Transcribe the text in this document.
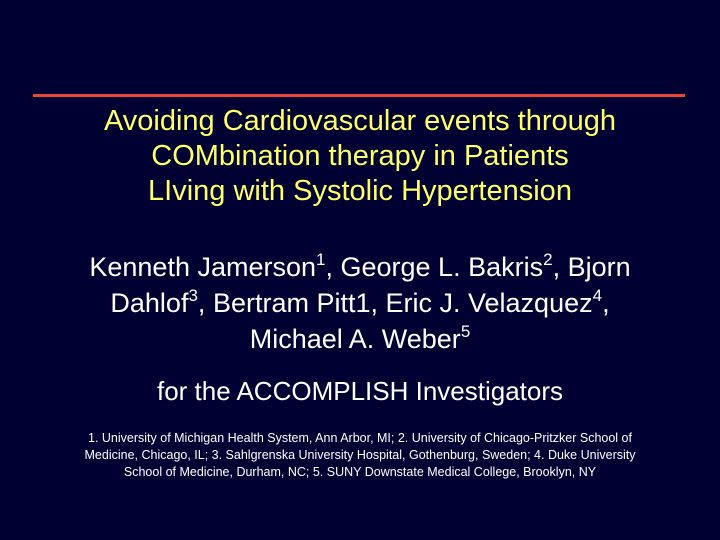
Avoiding Cardiovascular events through
COMbination therapy in Patients
LIving with Systolic Hypertension
Kenneth Jamerson$^1$, George L. Bakris$^2$, Bjorn
Dahlof$^3$, Bertram Pitt1, Eric J. Velazquez$^4$,
Michael A. Weber$^5$
for the ACCOMPLISH Investigators
1. University of Michigan Health System, Ann Arbor, MI; 2. University of Chicago-Pritzker School of
Medicine, Chicago, IL; 3. Sahlgrenska University Hospital, Gothenburg, Sweden; 4. Duke University
School of Medicine, Durham, NC; 5. SUNY Downstate Medical College, Brooklyn, NY
